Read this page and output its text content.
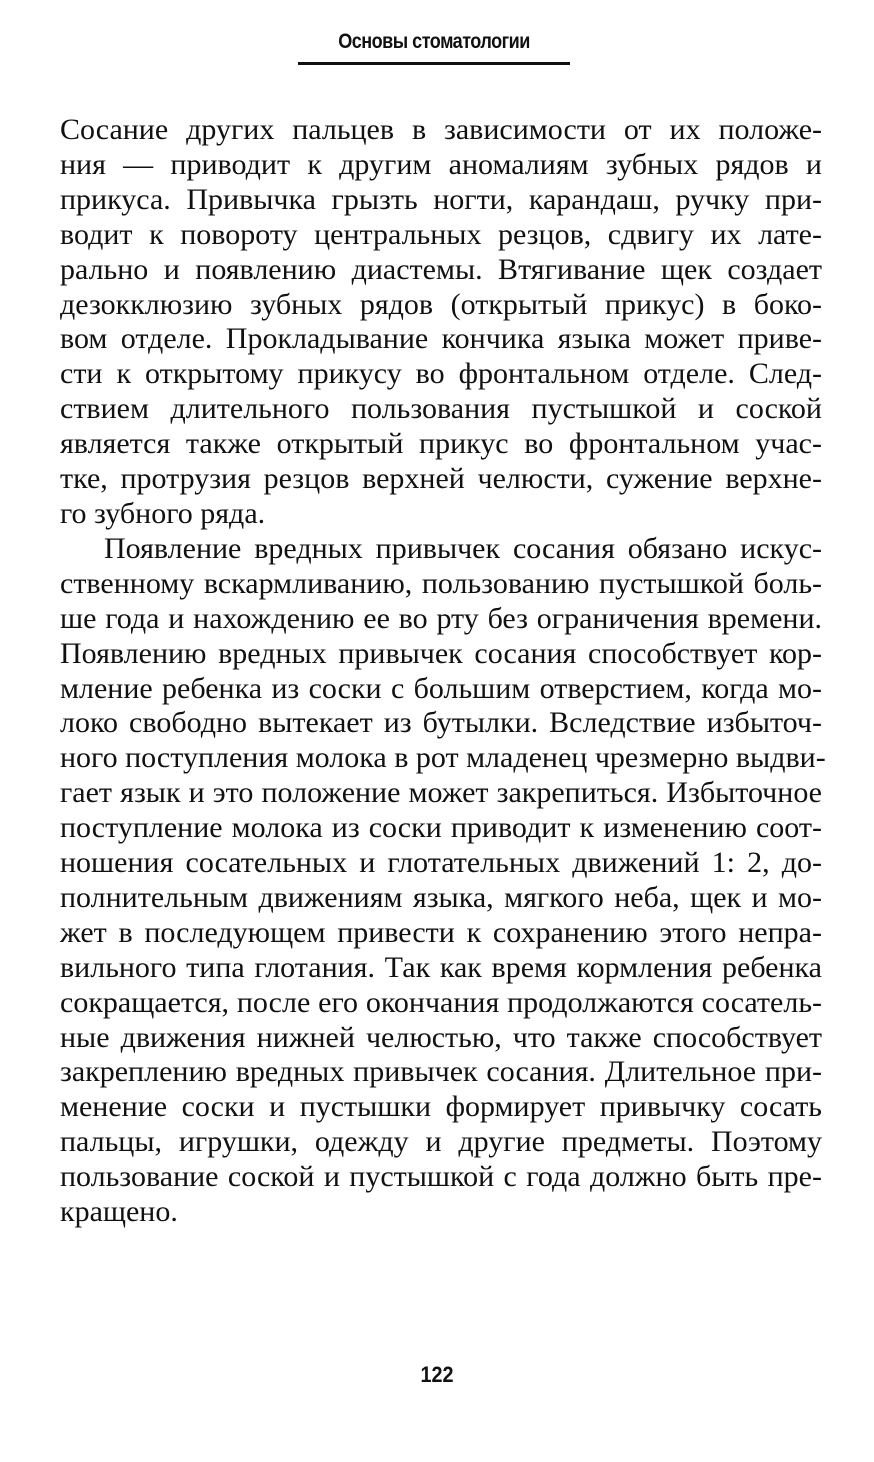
Основы стоматологии
Сосание других пальцев в зависимости от их положе-
ния — приводит к другим аномалиям зубных рядов и
прикуса. Привычка грызть ногти, карандаш, ручку при-
водит к повороту центральных резцов, сдвигу их лате-
рально и появлению диастемы. Втягивание щек создает
дезокклюзию зубных рядов (открытый прикус) в боко-
вом отделе. Прокладывание кончика языка может приве-
сти к открытому прикусу во фронтальном отделе. След-
ствием длительного пользования пустышкой и соской
является также открытый прикус во фронтальном учас-
тке, протрузия резцов верхней челюсти, сужение верхне-
го зубного ряда.
Появление вредных привычек сосания обязано искус-
ственному вскармливанию, пользованию пустышкой боль-
ше года и нахождению ее во рту без ограничения времени.
Появлению вредных привычек сосания способствует кор-
мление ребенка из соски с большим отверстием, когда мо-
локо свободно вытекает из бутылки. Вследствие избыточ-
ного поступления молока в рот младенец чрезмерно выдви-
гает язык и это положение может закрепиться. Избыточное
поступление молока из соски приводит к изменению соот-
ношения сосательных и глотательных движений 1: 2, до-
полнительным движениям языка, мягкого неба, щек и мо-
жет в последующем привести к сохранению этого непра-
вильного типа глотания. Так как время кормления ребенка
сокращается, после его окончания продолжаются сосатель-
ные движения нижней челюстью, что также способствует
закреплению вредных привычек сосания. Длительное при-
менение соски и пустышки формирует привычку сосать
пальцы, игрушки, одежду и другие предметы. Поэтому
пользование соской и пустышкой с года должно быть пре-
кращено.
122
